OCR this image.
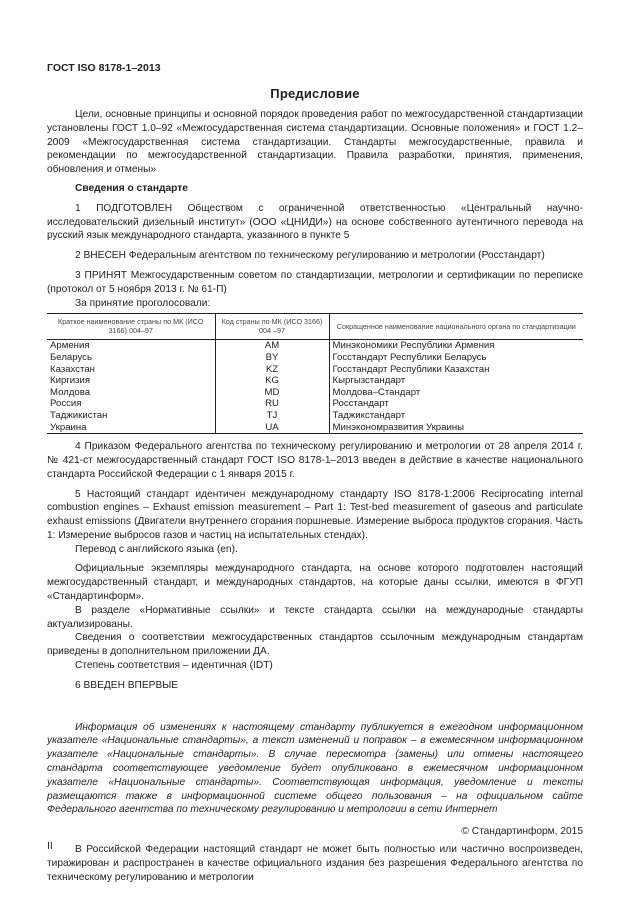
ГОСТ ISO 8178-1–2013
Предисловие

Цели, основные принципы и основной порядок проведения работ по межгосударственной стандартизации установлены ГОСТ 1.0–92 «Межгосударственная система стандартизации. Основные положения» и ГОСТ 1.2–2009 «Межгосударственная система стандартизации. Стандарты межгосударственные, правила и рекомендации по межгосударственной стандартизации. Правила разработки, принятия, применения, обновления и отмены»

Сведения о стандарте

1 ПОДГОТОВЛЕН Обществом с ограниченной ответственностью «Центральный научно-исследовательский дизельный институт» (ООО «ЦНИДИ») на основе собственного аутентичного перевода на русский язык международного стандарта, указанного в пункте 5

2 ВНЕСЕН Федеральным агентством по техническому регулированию и метрологии (Росстандарт)

3 ПРИНЯТ Межгосударственным советом по стандартизации, метрологии и сертификации по переписке (протокол от 5 ноября 2013 г. № 61-П)

За принятие проголосовали:

Краткое наименование страны по МК (ИСО 3166) 004–97	Код страны по МК (ИСО 3166) 004 –97	Сокращенное наименование национального органа по стандартизации
Армения	AM	Минэкономики Республики Армения
Беларусь	BY	Госстандарт Республики Беларусь
Казахстан	KZ	Госстандарт Республики Казахстан
Киргизия	KG	Кыргызстандарт
Молдова	MD	Молдова–Стандарт
Россия	RU	Росстандарт
Таджикистан	TJ	Таджикстандарт
Украина	UA	Минэкономразвития Украины

4 Приказом Федерального агентства по техническому регулированию и метрологии от 28 апреля 2014 г. № 421-ст межгосударственный стандарт ГОСТ ISO 8178-1–2013 введен в действие в качестве национального стандарта Российской Федерации с 1 января 2015 г.

5 Настоящий стандарт идентичен международному стандарту ISO 8178-1:2006 Reciprocating internal combustion engines – Exhaust emission measurement – Part 1: Test-bed measurement of gaseous and particulate exhaust emissions (Двигатели внутреннего сгорания поршневые. Измерение выброса продуктов сгорания. Часть 1: Измерение выбросов газов и частиц на испытательных стендах).

Перевод с английского языка (en).

Официальные экземпляры международного стандарта, на основе которого подготовлен настоящий межгосударственный стандарт, и международных стандартов, на которые даны ссылки, имеются в ФГУП «Стандартинформ».

В разделе «Нормативные ссылки» и тексте стандарта ссылки на международные стандарты актуализированы.

Сведения о соответствии межгосударственных стандартов ссылочным международным стандартам приведены в дополнительном приложении ДА.

Степень соответствия – идентичная (IDT)

6 ВВЕДЕН ВПЕРВЫЕ

Информация об изменениях к настоящему стандарту публикуется в ежегодном информационном указателе «Национальные стандарты», а текст изменений и поправок – в ежемесячном информационном указателе «Национальные стандарты». В случае пересмотра (замены) или отмены настоящего стандарта соответствующее уведомление будет опубликовано в ежемесячном информационном указателе «Национальные стандарты». Соответствующая информация, уведомление и тексты размещаются также в информационной системе общего пользования – на официальном сайте Федерального агентства по техническому регулированию и метрологии в сети Интернет

© Стандартинформ, 2015

В Российской Федерации настоящий стандарт не может быть полностью или частично воспроизведен, тиражирован и распространен в качестве официального издания без разрешения Федерального агентства по техническому регулированию и метрологии

II
